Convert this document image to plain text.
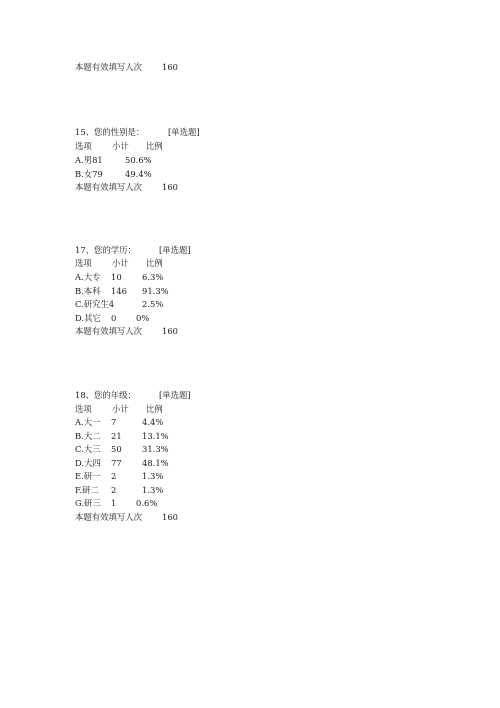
本题有效填写人次 160
15、您的性别是：	[单选题]
选项 小计 比例
A.男81	50.6%
B.女79	49.4%
本题有效填写人次 160
17、您的学历：	[单选题]
选项 小计 比例
A.大专 10 6.3%
B.本科 146 91.3%
C.研究生4	2.5%
D.其它 0 0%
本题有效填写人次 160
18、您的年级：	[单选题]
选项 小计 比例
A.大一 7	4.4%
B.大二 21 13.1%
C.大三 50 31.3%
D.大四 77 48.1%
E.研一 2	1.3%
F.研二 2	1.3%
G.研三 1 0.6%
本题有效填写人次 160
